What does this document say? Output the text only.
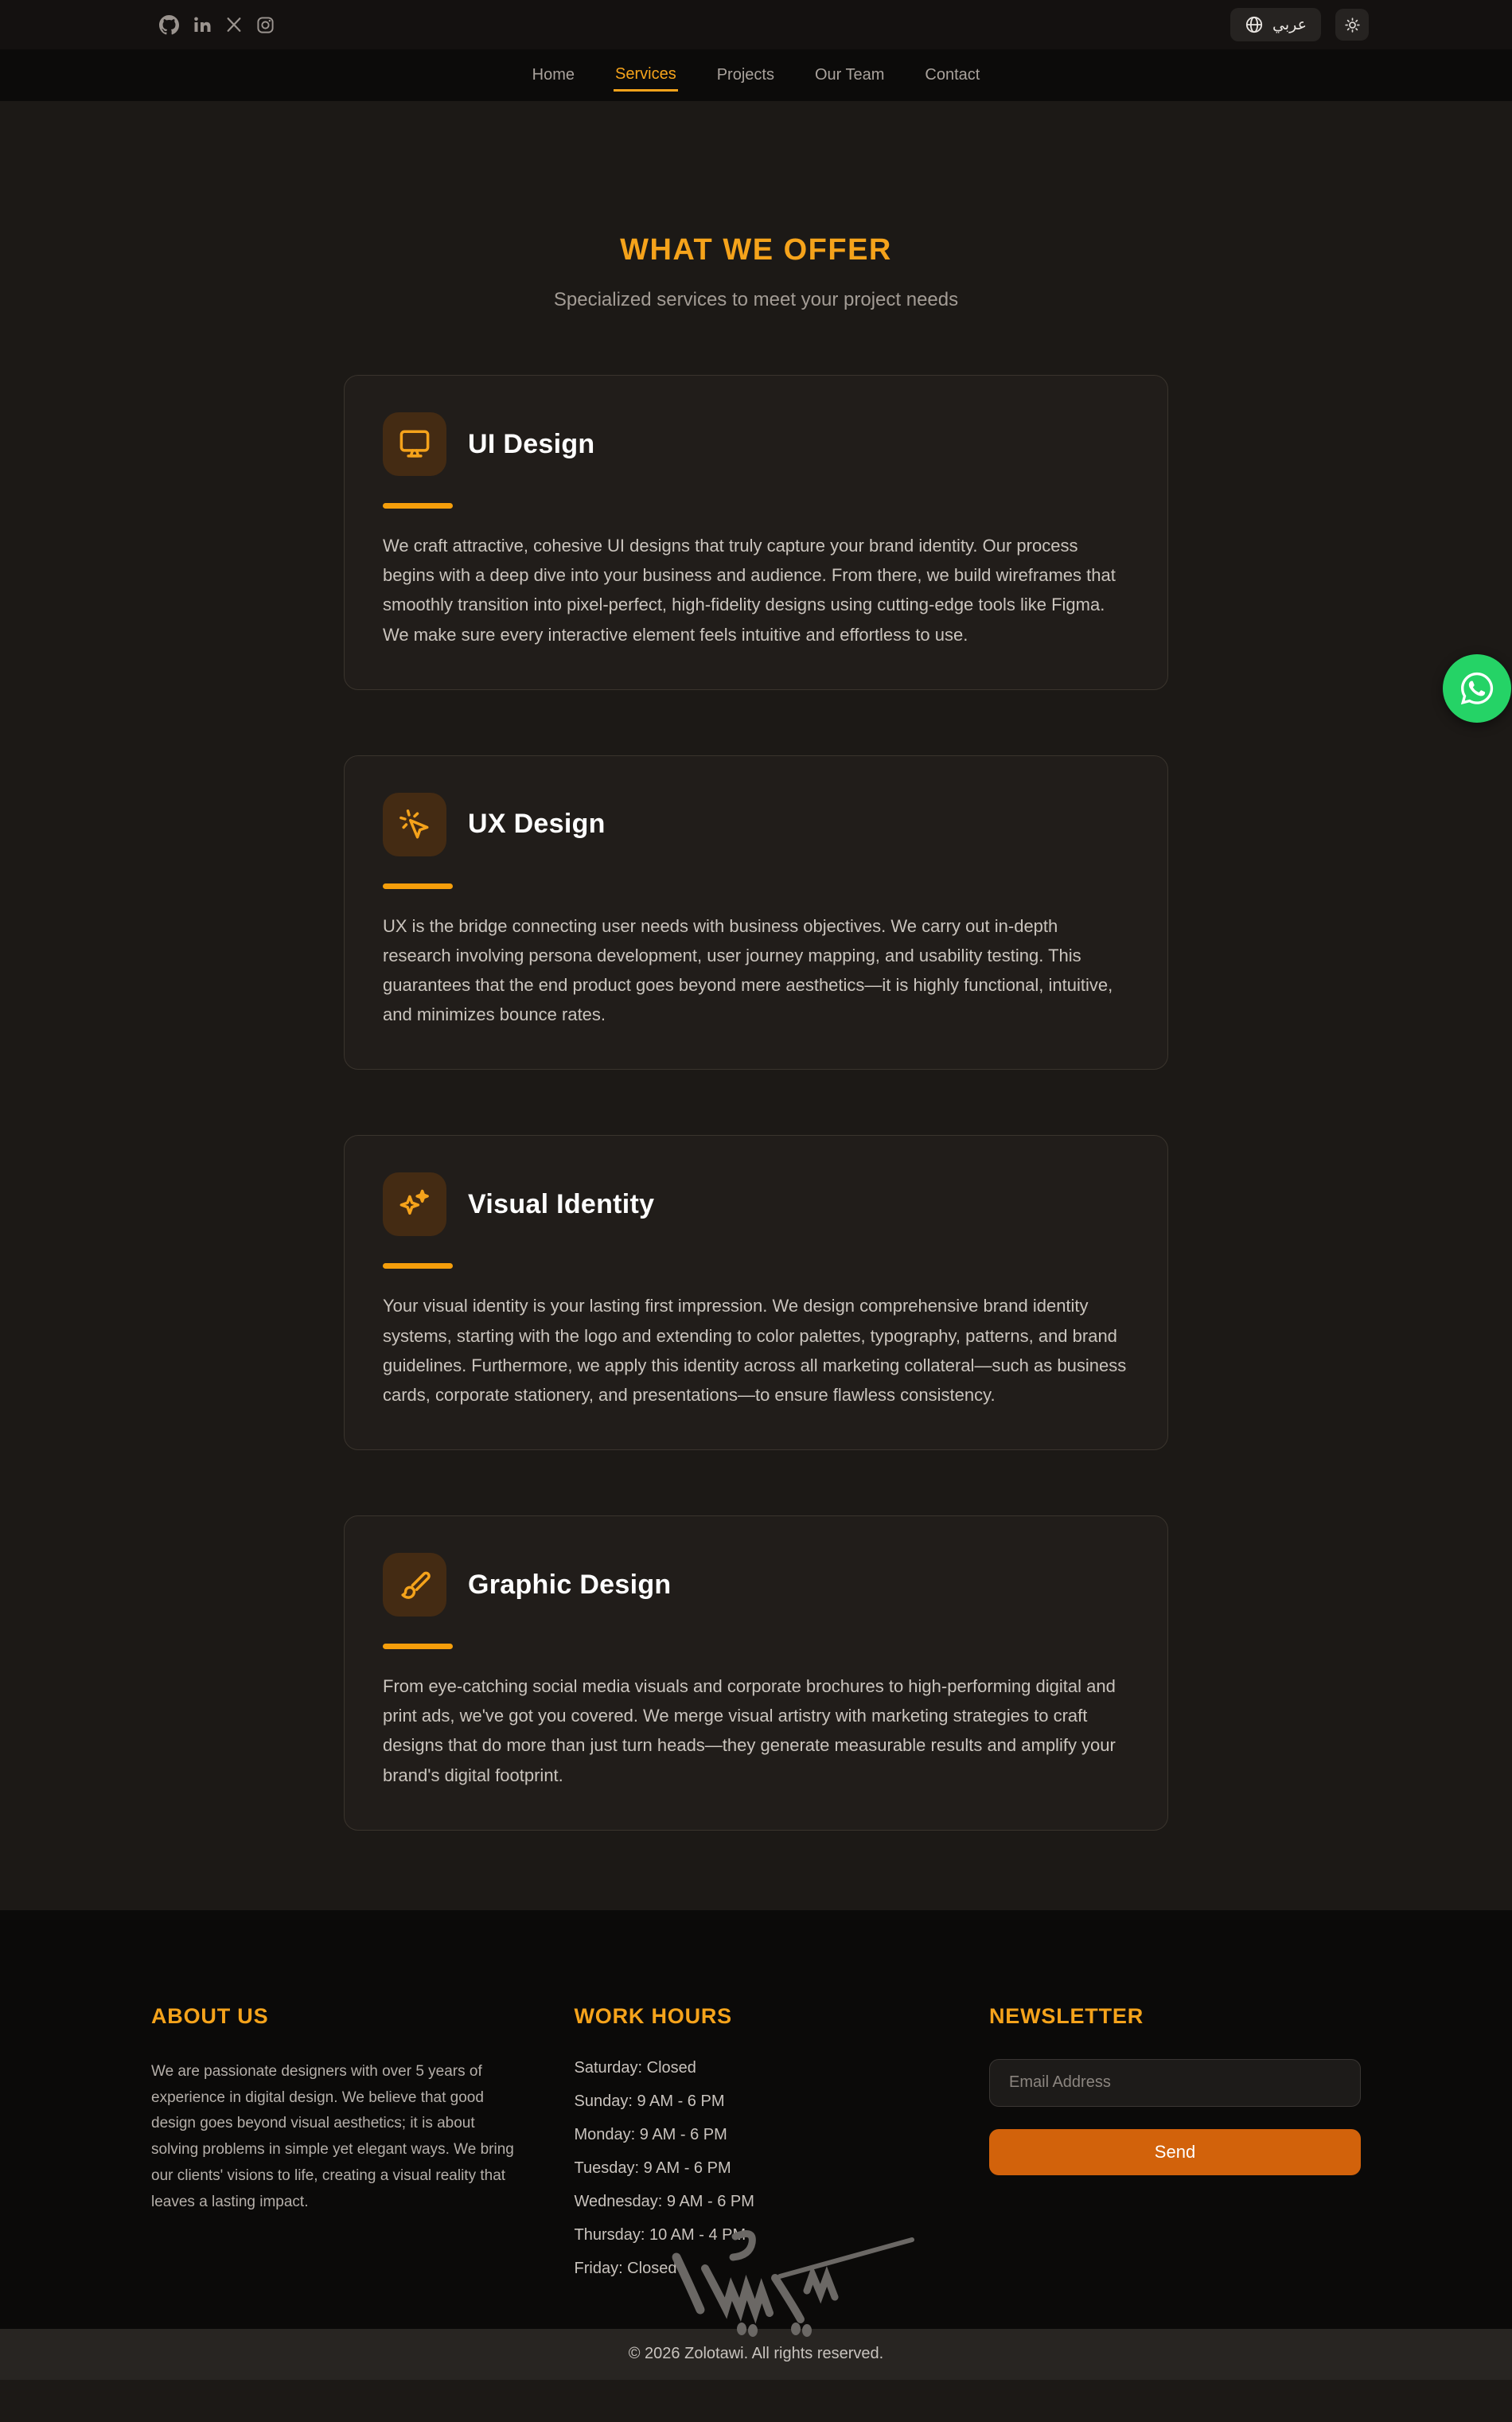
عربي
Home	Services	Projects	Our Team	Contact
WHAT WE OFFER
Specialized services to meet your project needs
UI Design

We craft attractive, cohesive UI designs that truly capture your brand identity. Our process begins with a deep dive into your business and audience. From there, we build wireframes that smoothly transition into pixel-perfect, high-fidelity designs using cutting-edge tools like Figma. We make sure every interactive element feels intuitive and effortless to use.

UX Design

UX is the bridge connecting user needs with business objectives. We carry out in-depth research involving persona development, user journey mapping, and usability testing. This guarantees that the end product goes beyond mere aesthetics—it is highly functional, intuitive, and minimizes bounce rates.

Visual Identity

Your visual identity is your lasting first impression. We design comprehensive brand identity systems, starting with the logo and extending to color palettes, typography, patterns, and brand guidelines. Furthermore, we apply this identity across all marketing collateral—such as business cards, corporate stationery, and presentations—to ensure flawless consistency.

Graphic Design

From eye-catching social media visuals and corporate brochures to high-performing digital and print ads, we've got you covered. We merge visual artistry with marketing strategies to craft designs that do more than just turn heads—they generate measurable results and amplify your brand's digital footprint.

ABOUT US

We are passionate designers with over 5 years of experience in digital design. We believe that good design goes beyond visual aesthetics; it is about solving problems in simple yet elegant ways. We bring our clients' visions to life, creating a visual reality that leaves a lasting impact.

WORK HOURS
Saturday: Closed
Sunday: 9 AM - 6 PM
Monday: 9 AM - 6 PM
Tuesday: 9 AM - 6 PM
Wednesday: 9 AM - 6 PM
Thursday: 10 AM - 4 PM
Friday: Closed
NEWSLETTER
Email Address Send
© 2026 Zolotawi. All rights reserved.
